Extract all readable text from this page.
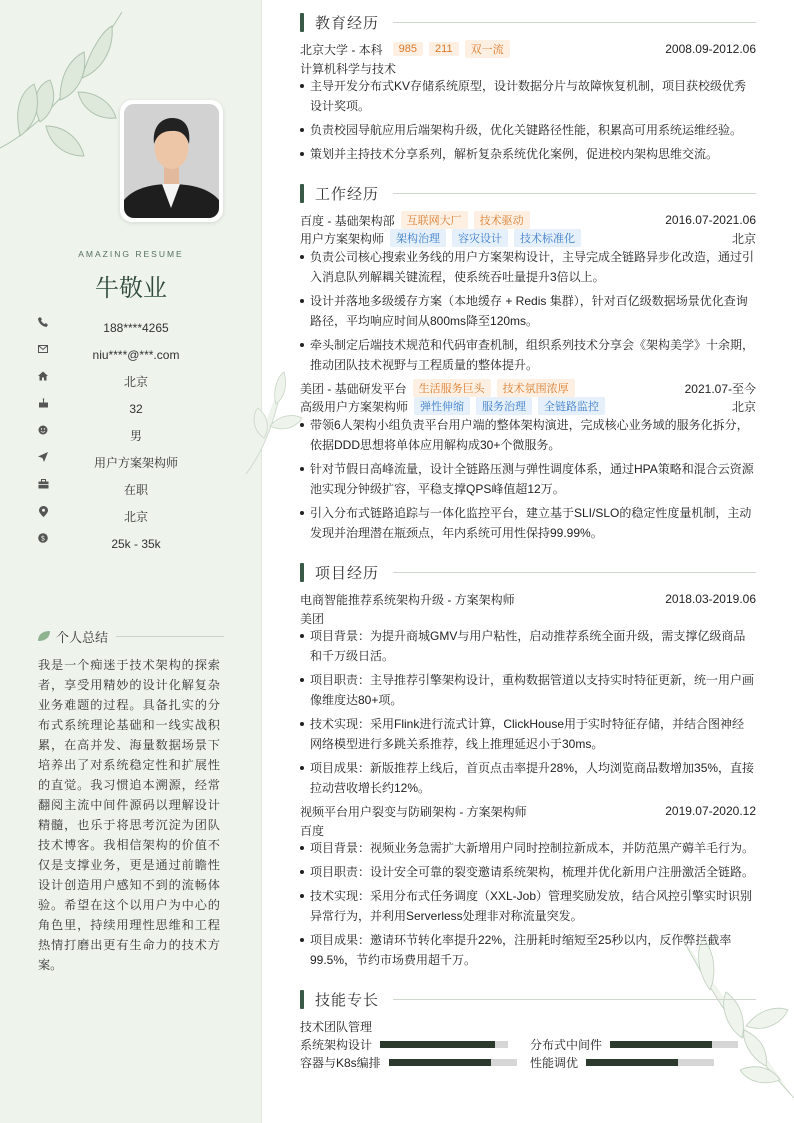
AMAZING RESUME
牛敬业
188****4265
niu****@***.com
北京
32
男
用户方案架构师
在职
北京
$	25k - 35k
个人总结
我是一个痴迷于技术架构的探索者，享受用精妙的设计化解复杂业务难题的过程。具备扎实的分布式系统理论基础和一线实战积累，在高并发、海量数据场景下培养出了对系统稳定性和扩展性的直觉。我习惯追本溯源，经常翻阅主流中间件源码以理解设计精髓，也乐于将思考沉淀为团队技术博客。我相信架构的价值不仅是支撑业务，更是通过前瞻性设计创造用户感知不到的流畅体验。希望在这个以用户为中心的角色里，持续用理性思维和工程热情打磨出更有生命力的技术方案。
教育经历
北京大学 - 本科	985	211	双一流	2008.09-2012.06
计算机科学与技术
主导开发分布式KV存储系统原型，设计数据分片与故障恢复机制，项目获校级优秀设计奖项。
负责校园导航应用后端架构升级，优化关键路径性能，积累高可用系统运维经验。
策划并主持技术分享系列，解析复杂系统优化案例，促进校内架构思维交流。
工作经历
百度 - 基础架构部	互联网大厂	技术驱动	2016.07-2021.06
用户方案架构师	架构治理	容灾设计	技术标准化	北京
负责公司核心搜索业务线的用户方案架构设计，主导完成全链路异步化改造，通过引入消息队列解耦关键流程，使系统吞吐量提升3倍以上。
设计并落地多级缓存方案（本地缓存 + Redis 集群），针对百亿级数据场景优化查询路径，平均响应时间从800ms降至120ms。
牵头制定后端技术规范和代码审查机制，组织系列技术分享会《架构美学》十余期，推动团队技术视野与工程质量的整体提升。
美团 - 基础研发平台	生活服务巨头	技术氛围浓厚	2021.07-至今
高级用户方案架构师	弹性伸缩	服务治理	全链路监控	北京
带领6人架构小组负责平台用户端的整体架构演进，完成核心业务域的服务化拆分，依据DDD思想将单体应用解构成30+个微服务。
针对节假日高峰流量，设计全链路压测与弹性调度体系，通过HPA策略和混合云资源池实现分钟级扩容，平稳支撑QPS峰值超12万。
引入分布式链路追踪与一体化监控平台，建立基于SLI/SLO的稳定性度量机制，主动发现并治理潜在瓶颈点，年内系统可用性保持99.99%。
项目经历
电商智能推荐系统架构升级 - 方案架构师	2018.03-2019.06
美团
项目背景：为提升商城GMV与用户粘性，启动推荐系统全面升级，需支撑亿级商品和千万级日活。
项目职责：主导推荐引擎架构设计，重构数据管道以支持实时特征更新，统一用户画像维度达80+项。
技术实现：采用Flink进行流式计算，ClickHouse用于实时特征存储，并结合图神经网络模型进行多跳关系推荐，线上推理延迟小于30ms。
项目成果：新版推荐上线后，首页点击率提升28%，人均浏览商品数增加35%，直接拉动营收增长约12%。
视频平台用户裂变与防刷架构 - 方案架构师	2019.07-2020.12
百度
项目背景：视频业务急需扩大新增用户同时控制拉新成本，并防范黑产薅羊毛行为。
项目职责：设计安全可靠的裂变邀请系统架构，梳理并优化新用户注册激活全链路。
技术实现：采用分布式任务调度（XXL-Job）管理奖励发放，结合风控引擎实时识别异常行为，并利用Serverless处理非对称流量突发。
项目成果：邀请环节转化率提升22%，注册耗时缩短至25秒以内，反作弊拦截率99.5%，节约市场费用超千万。
技能专长
技术团队管理
系统架构设计	分布式中间件
容器与K8s编排	性能调优
